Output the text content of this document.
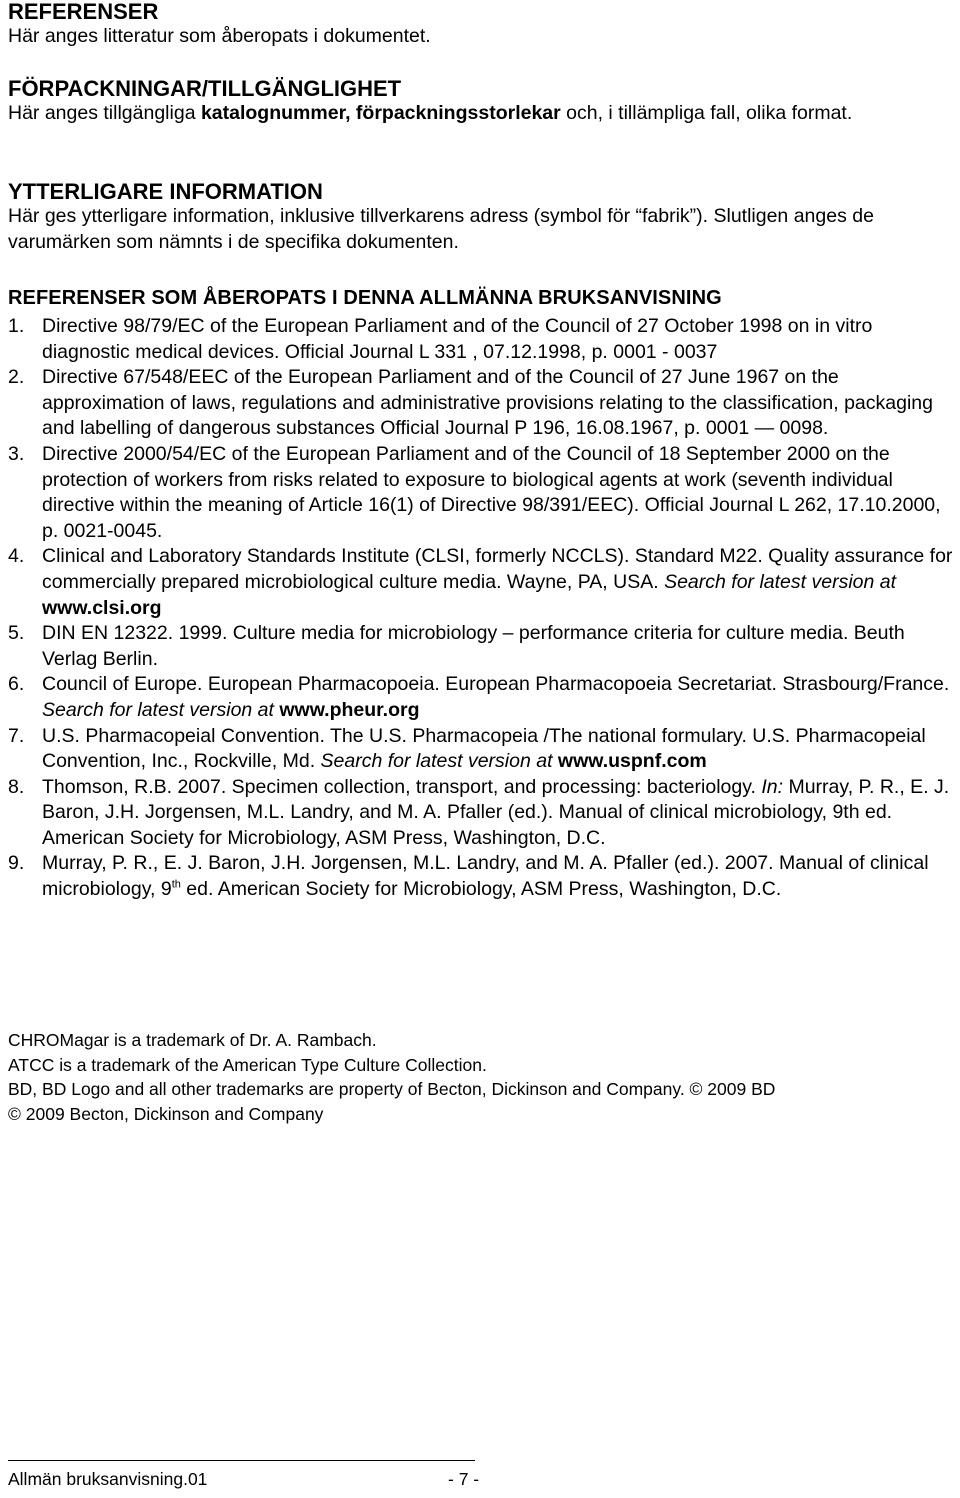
REFERENSER

Här anges litteratur som åberopats i dokumentet.

FÖRPACKNINGAR/TILLGÄNGLIGHET

Här anges tillgängliga katalognummer, förpackningsstorlekar och, i tillämpliga fall, olika format.

YTTERLIGARE INFORMATION

Här ges ytterligare information, inklusive tillverkarens adress (symbol för “fabrik”). Slutligen anges de varumärken som nämnts i de specifika dokumenten.

REFERENSER SOM ÅBEROPATS I DENNA ALLMÄNNA BRUKSANVISNING
1. Directive 98/79/EC of the European Parliament and of the Council of 27 October 1998 on in vitro diagnostic medical devices. Official Journal L 331 , 07.12.1998, p. 0001 - 0037
2. Directive 67/548/EEC of the European Parliament and of the Council of 27 June 1967 on the approximation of laws, regulations and administrative provisions relating to the classification, packaging and labelling of dangerous substances Official Journal P 196, 16.08.1967, p. 0001 — 0098.
3. Directive 2000/54/EC of the European Parliament and of the Council of 18 September 2000 on the protection of workers from risks related to exposure to biological agents at work (seventh individual directive within the meaning of Article 16(1) of Directive 98/391/EEC). Official Journal L 262, 17.10.2000, p. 0021-0045.
4. Clinical and Laboratory Standards Institute (CLSI, formerly NCCLS). Standard M22. Quality assurance for commercially prepared microbiological culture media. Wayne, PA, USA. Search for latest version at www.clsi.org
5. DIN EN 12322. 1999. Culture media for microbiology – performance criteria for culture media. Beuth Verlag Berlin.
6. Council of Europe. European Pharmacopoeia. European Pharmacopoeia Secretariat. Strasbourg/France. Search for latest version at www.pheur.org
7. U.S. Pharmacopeial Convention. The U.S. Pharmacopeia /The national formulary. U.S. Pharmacopeial Convention, Inc., Rockville, Md. Search for latest version at www.uspnf.com
8. Thomson, R.B. 2007. Specimen collection, transport, and processing: bacteriology. In: Murray, P. R., E. J. Baron, J.H. Jorgensen, M.L. Landry, and M. A. Pfaller (ed.). Manual of clinical microbiology, 9th ed. American Society for Microbiology, ASM Press, Washington, D.C.
9. Murray, P. R., E. J. Baron, J.H. Jorgensen, M.L. Landry, and M. A. Pfaller (ed.). 2007. Manual of clinical microbiology, 9th ed. American Society for Microbiology, ASM Press, Washington, D.C.
CHROMagar is a trademark of Dr. A. Rambach.
ATCC is a trademark of the American Type Culture Collection.
BD, BD Logo and all other trademarks are property of Becton, Dickinson and Company. © 2009 BD
© 2009 Becton, Dickinson and Company
Allmän bruksanvisning.01	- 7 -
